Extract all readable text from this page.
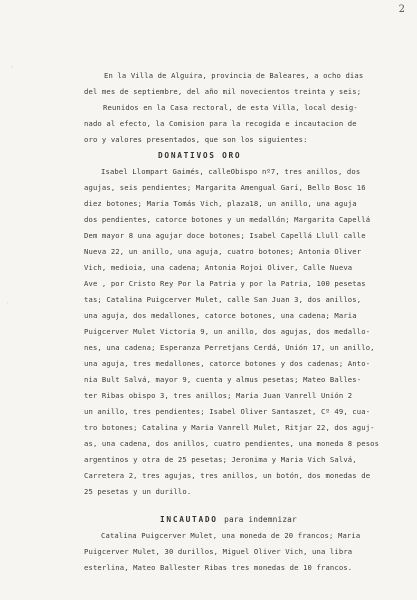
2
·
·
En la Villa de Alguira, provincia de Baleares, a ocho dias
del mes de septiembre, del año mil novecientos treinta y seis;
Reunidos en la Casa rectoral, de esta Villa, local desig-
nado al efecto, la Comision para la recogida e incautacion de
oro y valores presentados, que son los siguientes:
DONATIVOS ORO
Isabel Llompart Gaimés, calleObispo nº7, tres anillos, dos
agujas, seis pendientes; Margarita Amengual Garí, Bello Bosc 16
diez botones; Maria Tomás Vich, plaza18, un anillo, una aguja
dos pendientes, catorce botones y un medallón; Margarita Capellá
Dem mayor 8 una agujar doce botones; Isabel Capellá Llull calle
Nueva 22, un anillo, una aguja, cuatro botones; Antonia Oliver
Vich, medioia, una cadena; Antonia Rojoi Oliver, Calle Nueva
Ave , por Cristo Rey Por la Patria y por la Patria, 100 pesetas
tas; Catalina Puigcerver Mulet, calle San Juan 3, dos anillos,
una aguja, dos medallones, catorce botones, una cadena; Maria
Puigcerver Mulet Victoria 9, un anillo, dos agujas, dos medallo-
nes, una cadena; Esperanza Perretjans Cerdá, Unión 17, un anillo,
una aguja, tres medallones, catorce botones y dos cadenas; Anto-
nia Bult Salvá, mayor 9, cuenta y almus pesetas; Mateo Balles-
ter Ribas obispo 3, tres anillos; Maria Juan Vanrell Unión 2
un anillo, tres pendientes; Isabel Oliver Santaszet, Cº 49, cua-
tro botones; Catalina y Maria Vanrell Mulet, Ritjar 22, dos aguj-
as, una cadena, dos anillos, cuatro pendientes, una moneda 8 pesos
argentinos y otra de 25 pesetas; Jeronima y Maria Vich Salvá,
Carretera 2, tres agujas, tres anillos, un botón, dos monedas de
25 pesetas y un durillo.
INCAUTADO para indemnizar
Catalina Puigcerver Mulet, una moneda de 20 francos; Maria
Puigcerver Mulet, 30 durillos, Miguel Oliver Vich, una libra
esterlina, Mateo Ballester Ribas tres monedas de 10 francos.
